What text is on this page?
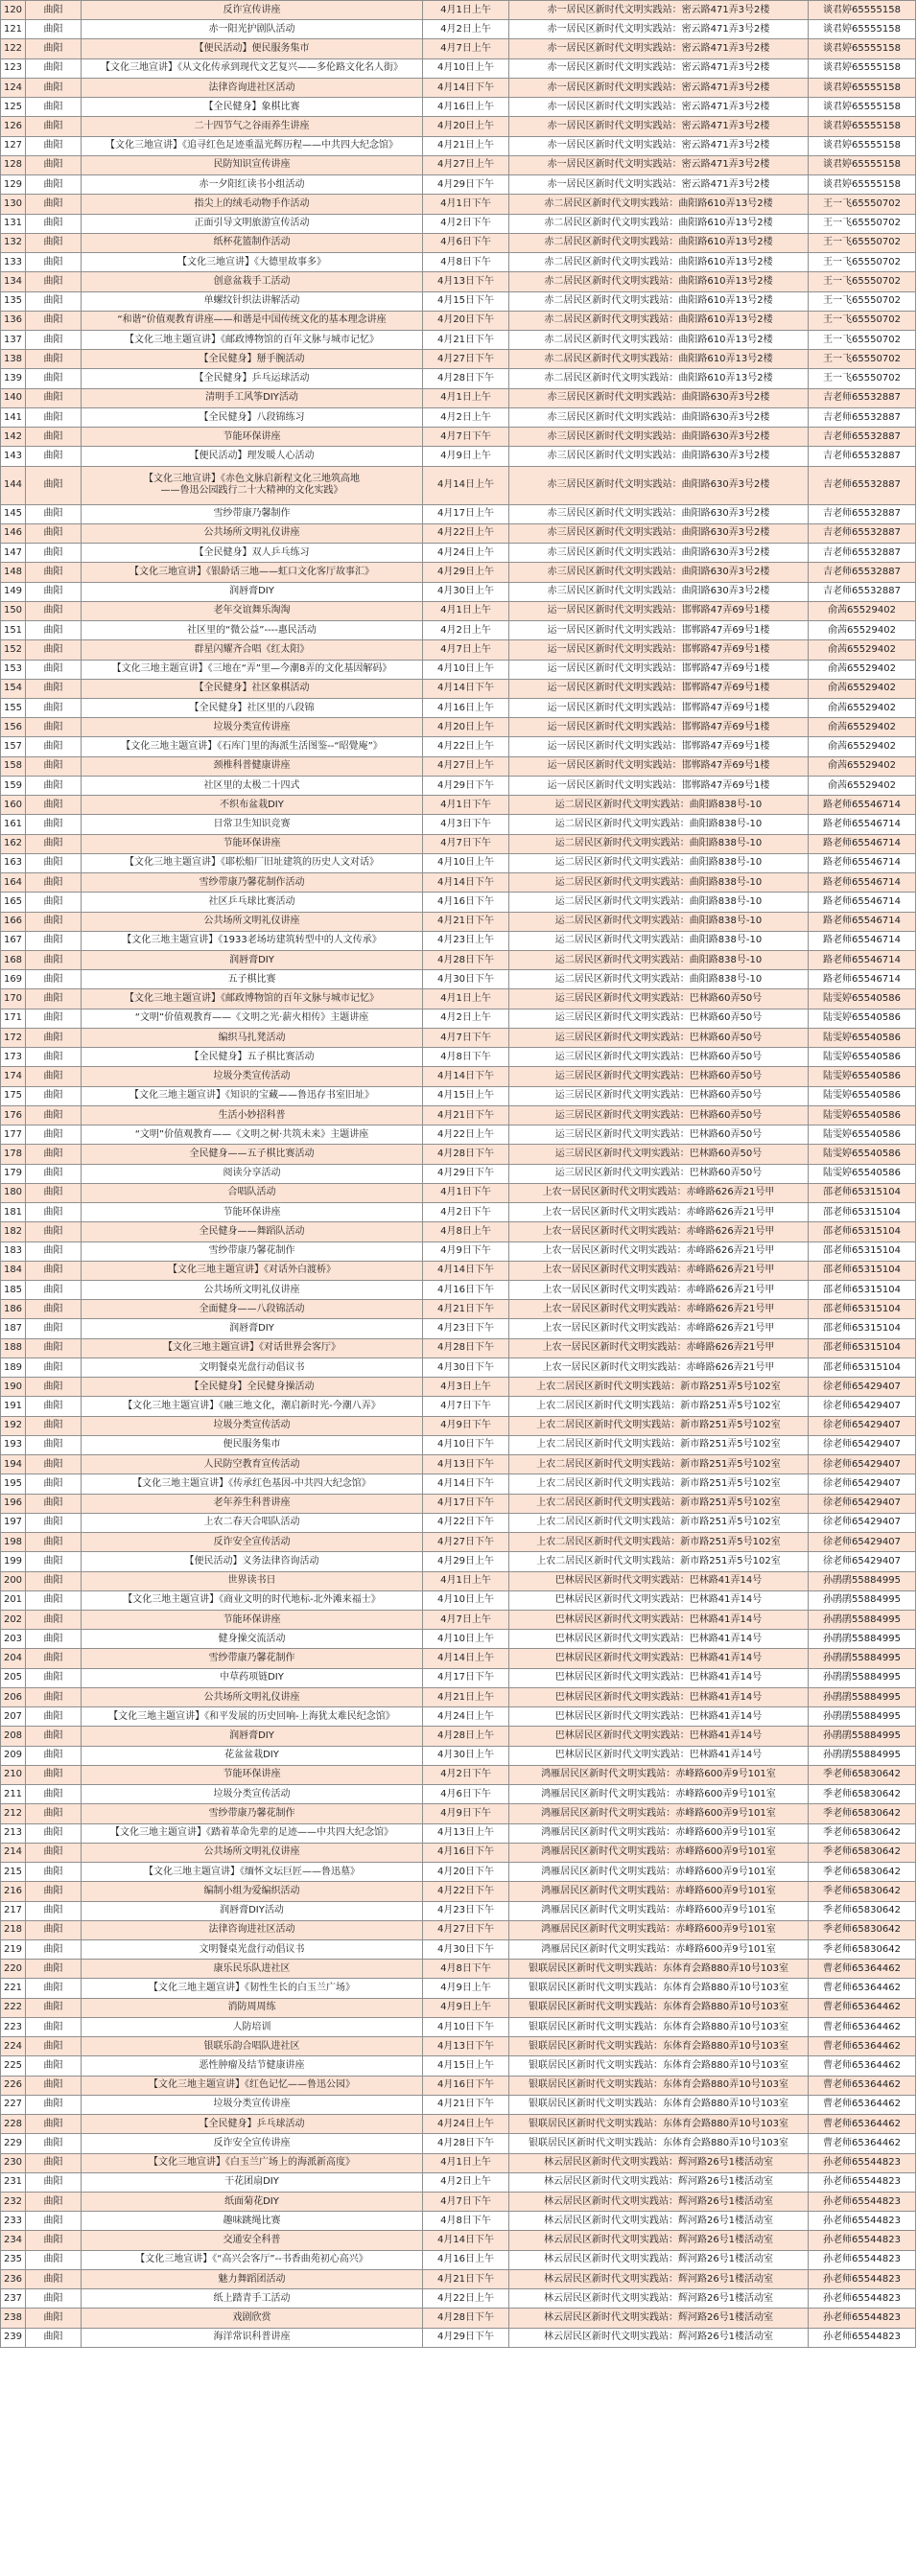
120	曲阳	反诈宣传讲座	4月1日上午	赤一居民区新时代文明实践站：密云路471弄3号2楼	谈君婷65555158
121	曲阳	赤一阳光护剧队活动	4月2日上午	赤一居民区新时代文明实践站：密云路471弄3号2楼	谈君婷65555158
122	曲阳	【便民活动】便民服务集市	4月7日上午	赤一居民区新时代文明实践站：密云路471弄3号2楼	谈君婷65555158
123	曲阳	【文化三地宣讲】《从文化传承到现代文艺复兴——多伦路文化名人街》	4月10日上午	赤一居民区新时代文明实践站：密云路471弄3号2楼	谈君婷65555158
124	曲阳	法律咨询进社区活动	4月14日下午	赤一居民区新时代文明实践站：密云路471弄3号2楼	谈君婷65555158
125	曲阳	【全民健身】象棋比赛	4月16日上午	赤一居民区新时代文明实践站：密云路471弄3号2楼	谈君婷65555158
126	曲阳	二十四节气之谷雨养生讲座	4月20日上午	赤一居民区新时代文明实践站：密云路471弄3号2楼	谈君婷65555158
127	曲阳	【文化三地宣讲】《追寻红色足迹重温光辉历程——中共四大纪念馆》	4月21日上午	赤一居民区新时代文明实践站：密云路471弄3号2楼	谈君婷65555158
128	曲阳	民防知识宣传讲座	4月27日上午	赤一居民区新时代文明实践站：密云路471弄3号2楼	谈君婷65555158
129	曲阳	赤一夕阳红读书小组活动	4月29日下午	赤一居民区新时代文明实践站：密云路471弄3号2楼	谈君婷65555158
130	曲阳	指尖上的绒毛动物手作活动	4月1日下午	赤二居民区新时代文明实践站：曲阳路610弄13号2楼	王一飞65550702
131	曲阳	正面引导文明旅游宣传活动	4月2日下午	赤二居民区新时代文明实践站：曲阳路610弄13号2楼	王一飞65550702
132	曲阳	纸杯花篮制作活动	4月6日下午	赤二居民区新时代文明实践站：曲阳路610弄13号2楼	王一飞65550702
133	曲阳	【文化三地宣讲】《大德里故事多》	4月8日下午	赤二居民区新时代文明实践站：曲阳路610弄13号2楼	王一飞65550702
134	曲阳	创意盆栽手工活动	4月13日下午	赤二居民区新时代文明实践站：曲阳路610弄13号2楼	王一飞65550702
135	曲阳	单螺纹针织法讲解活动	4月15日下午	赤二居民区新时代文明实践站：曲阳路610弄13号2楼	王一飞65550702
136	曲阳	“和谐”价值观教育讲座——和谐是中国传统文化的基本理念讲座	4月20日下午	赤二居民区新时代文明实践站：曲阳路610弄13号2楼	王一飞65550702
137	曲阳	【文化三地主题宣讲】《邮政博物馆的百年文脉与城市记忆》	4月21日下午	赤二居民区新时代文明实践站：曲阳路610弄13号2楼	王一飞65550702
138	曲阳	【全民健身】掰手腕活动	4月27日下午	赤二居民区新时代文明实践站：曲阳路610弄13号2楼	王一飞65550702
139	曲阳	【全民健身】乒乓运球活动	4月28日下午	赤二居民区新时代文明实践站：曲阳路610弄13号2楼	王一飞65550702
140	曲阳	清明手工风筝DIY活动	4月1日上午	赤三居民区新时代文明实践站：曲阳路630弄3号2楼	吉老师65532887
141	曲阳	【全民健身】八段锦练习	4月2日上午	赤三居民区新时代文明实践站：曲阳路630弄3号2楼	吉老师65532887
142	曲阳	节能环保讲座	4月7日下午	赤三居民区新时代文明实践站：曲阳路630弄3号2楼	吉老师65532887
143	曲阳	【便民活动】理发暖人心活动	4月9日上午	赤三居民区新时代文明实践站：曲阳路630弄3号2楼	吉老师65532887
144	曲阳	【文化三地宣讲】《赤色文脉启新程文化三地筑高地
——鲁迅公园践行二十大精神的文化实践》	4月14日上午	赤三居民区新时代文明实践站：曲阳路630弄3号2楼	吉老师65532887
145	曲阳	雪纱带康乃馨制作	4月17日上午	赤三居民区新时代文明实践站：曲阳路630弄3号2楼	吉老师65532887
146	曲阳	公共场所文明礼仪讲座	4月22日上午	赤三居民区新时代文明实践站：曲阳路630弄3号2楼	吉老师65532887
147	曲阳	【全民健身】双人乒乓练习	4月24日上午	赤三居民区新时代文明实践站：曲阳路630弄3号2楼	吉老师65532887
148	曲阳	【文化三地宣讲】《银龄话三地——虹口文化客厅故事汇》	4月29日上午	赤三居民区新时代文明实践站：曲阳路630弄3号2楼	吉老师65532887
149	曲阳	润唇膏DIY	4月30日上午	赤三居民区新时代文明实践站：曲阳路630弄3号2楼	吉老师65532887
150	曲阳	老年交谊舞乐淘淘	4月1日上午	运一居民区新时代文明实践站：邯郸路47弄69号1楼	俞茜65529402
151	曲阳	社区里的“微公益”----惠民活动	4月2日上午	运一居民区新时代文明实践站：邯郸路47弄69号1楼	俞茜65529402
152	曲阳	群星闪耀齐合唱《红太阳》	4月7日上午	运一居民区新时代文明实践站：邯郸路47弄69号1楼	俞茜65529402
153	曲阳	【文化三地主题宣讲】《三地在“弄”里—今潮8弄的文化基因解码》	4月10日上午	运一居民区新时代文明实践站：邯郸路47弄69号1楼	俞茜65529402
154	曲阳	【全民健身】社区象棋活动	4月14日下午	运一居民区新时代文明实践站：邯郸路47弄69号1楼	俞茜65529402
155	曲阳	【全民健身】社区里的八段锦	4月16日上午	运一居民区新时代文明实践站：邯郸路47弄69号1楼	俞茜65529402
156	曲阳	垃圾分类宣传讲座	4月20日上午	运一居民区新时代文明实践站：邯郸路47弄69号1楼	俞茜65529402
157	曲阳	【文化三地主题宣讲】《石库门里的海派生活图鉴--“昭覺庵”》	4月22日上午	运一居民区新时代文明实践站：邯郸路47弄69号1楼	俞茜65529402
158	曲阳	颈椎科普健康讲座	4月27日上午	运一居民区新时代文明实践站：邯郸路47弄69号1楼	俞茜65529402
159	曲阳	社区里的太极二十四式	4月29日下午	运一居民区新时代文明实践站：邯郸路47弄69号1楼	俞茜65529402
160	曲阳	不织布盆栽DIY	4月1日下午	运二居民区新时代文明实践站：曲阳路838号-10	路老师65546714
161	曲阳	日常卫生知识竞赛	4月3日下午	运二居民区新时代文明实践站：曲阳路838号-10	路老师65546714
162	曲阳	节能环保讲座	4月7日下午	运二居民区新时代文明实践站：曲阳路838号-10	路老师65546714
163	曲阳	【文化三地主题宣讲】《耶松船厂旧址建筑的历史人文对话》	4月10日上午	运二居民区新时代文明实践站：曲阳路838号-10	路老师65546714
164	曲阳	雪纱带康乃馨花制作活动	4月14日下午	运二居民区新时代文明实践站：曲阳路838号-10	路老师65546714
165	曲阳	社区乒乓球比赛活动	4月16日下午	运二居民区新时代文明实践站：曲阳路838号-10	路老师65546714
166	曲阳	公共场所文明礼仪讲座	4月21日下午	运二居民区新时代文明实践站：曲阳路838号-10	路老师65546714
167	曲阳	【文化三地主题宣讲】《1933老场坊建筑转型中的人文传承》	4月23日上午	运二居民区新时代文明实践站：曲阳路838号-10	路老师65546714
168	曲阳	润唇膏DIY	4月28日下午	运二居民区新时代文明实践站：曲阳路838号-10	路老师65546714
169	曲阳	五子棋比赛	4月30日下午	运二居民区新时代文明实践站：曲阳路838号-10	路老师65546714
170	曲阳	【文化三地主题宣讲】《邮政博物馆的百年文脉与城市记忆》	4月1日上午	运三居民区新时代文明实践站：巴林路60弄50号	陆雯婷65540586
171	曲阳	“文明”价值观教育——《文明之光·薪火相传》主题讲座	4月2日上午	运三居民区新时代文明实践站：巴林路60弄50号	陆雯婷65540586
172	曲阳	编织马扎凳活动	4月7日下午	运三居民区新时代文明实践站：巴林路60弄50号	陆雯婷65540586
173	曲阳	【全民健身】五子棋比赛活动	4月8日下午	运三居民区新时代文明实践站：巴林路60弄50号	陆雯婷65540586
174	曲阳	垃圾分类宣传活动	4月14日下午	运三居民区新时代文明实践站：巴林路60弄50号	陆雯婷65540586
175	曲阳	【文化三地主题宣讲】《知识的宝藏——鲁迅存书室旧址》	4月15日上午	运三居民区新时代文明实践站：巴林路60弄50号	陆雯婷65540586
176	曲阳	生活小妙招科普	4月21日下午	运三居民区新时代文明实践站：巴林路60弄50号	陆雯婷65540586
177	曲阳	“文明”价值观教育——《文明之树·共筑未来》主题讲座	4月22日上午	运三居民区新时代文明实践站：巴林路60弄50号	陆雯婷65540586
178	曲阳	全民健身——五子棋比赛活动	4月28日下午	运三居民区新时代文明实践站：巴林路60弄50号	陆雯婷65540586
179	曲阳	阅读分享活动	4月29日下午	运三居民区新时代文明实践站：巴林路60弄50号	陆雯婷65540586
180	曲阳	合唱队活动	4月1日下午	上农一居民区新时代文明实践站：赤峰路626弄21号甲	邵老师65315104
181	曲阳	节能环保讲座	4月2日下午	上农一居民区新时代文明实践站：赤峰路626弄21号甲	邵老师65315104
182	曲阳	全民健身——舞蹈队活动	4月8日上午	上农一居民区新时代文明实践站：赤峰路626弄21号甲	邵老师65315104
183	曲阳	雪纱带康乃馨花制作	4月9日下午	上农一居民区新时代文明实践站：赤峰路626弄21号甲	邵老师65315104
184	曲阳	【文化三地主题宣讲】《对话外白渡桥》	4月14日下午	上农一居民区新时代文明实践站：赤峰路626弄21号甲	邵老师65315104
185	曲阳	公共场所文明礼仪讲座	4月16日下午	上农一居民区新时代文明实践站：赤峰路626弄21号甲	邵老师65315104
186	曲阳	全面健身——八段锦活动	4月21日下午	上农一居民区新时代文明实践站：赤峰路626弄21号甲	邵老师65315104
187	曲阳	润唇膏DIY	4月23日下午	上农一居民区新时代文明实践站：赤峰路626弄21号甲	邵老师65315104
188	曲阳	【文化三地主题宣讲】《对话世界会客厅》	4月28日下午	上农一居民区新时代文明实践站：赤峰路626弄21号甲	邵老师65315104
189	曲阳	文明餐桌光盘行动倡议书	4月30日下午	上农一居民区新时代文明实践站：赤峰路626弄21号甲	邵老师65315104
190	曲阳	【全民健身】全民健身操活动	4月3日上午	上农二居民区新时代文明实践站：新市路251弄5号102室	徐老师65429407
191	曲阳	【文化三地主题宣讲】《融三地文化，潮启新时光-今潮八弄》	4月7日下午	上农二居民区新时代文明实践站：新市路251弄5号102室	徐老师65429407
192	曲阳	垃圾分类宣传活动	4月9日下午	上农二居民区新时代文明实践站：新市路251弄5号102室	徐老师65429407
193	曲阳	便民服务集市	4月10日下午	上农二居民区新时代文明实践站：新市路251弄5号102室	徐老师65429407
194	曲阳	人民防空教育宣传活动	4月13日下午	上农二居民区新时代文明实践站：新市路251弄5号102室	徐老师65429407
195	曲阳	【文化三地主题宣讲】《传承红色基因-中共四大纪念馆》	4月14日下午	上农二居民区新时代文明实践站：新市路251弄5号102室	徐老师65429407
196	曲阳	老年养生科普讲座	4月17日下午	上农二居民区新时代文明实践站：新市路251弄5号102室	徐老师65429407
197	曲阳	上农二春天合唱队活动	4月22日下午	上农二居民区新时代文明实践站：新市路251弄5号102室	徐老师65429407
198	曲阳	反诈安全宣传活动	4月27日下午	上农二居民区新时代文明实践站：新市路251弄5号102室	徐老师65429407
199	曲阳	【便民活动】义务法律咨询活动	4月29日上午	上农二居民区新时代文明实践站：新市路251弄5号102室	徐老师65429407
200	曲阳	世界读书日	4月1日上午	巴林居民区新时代文明实践站：巴林路41弄14号	孙鹃鹃55884995
201	曲阳	【文化三地主题宣讲】《商业文明的时代地标-北外滩来福士》	4月10日上午	巴林居民区新时代文明实践站：巴林路41弄14号	孙鹃鹃55884995
202	曲阳	节能环保讲座	4月7日上午	巴林居民区新时代文明实践站：巴林路41弄14号	孙鹃鹃55884995
203	曲阳	健身操交流活动	4月10日上午	巴林居民区新时代文明实践站：巴林路41弄14号	孙鹃鹃55884995
204	曲阳	雪纱带康乃馨花制作	4月14日上午	巴林居民区新时代文明实践站：巴林路41弄14号	孙鹃鹃55884995
205	曲阳	中草药项链DIY	4月17日下午	巴林居民区新时代文明实践站：巴林路41弄14号	孙鹃鹃55884995
206	曲阳	公共场所文明礼仪讲座	4月21日上午	巴林居民区新时代文明实践站：巴林路41弄14号	孙鹃鹃55884995
207	曲阳	【文化三地主题宣讲】《和平发展的历史回响-上海犹太难民纪念馆》	4月24日上午	巴林居民区新时代文明实践站：巴林路41弄14号	孙鹃鹃55884995
208	曲阳	润唇膏DIY	4月28日上午	巴林居民区新时代文明实践站：巴林路41弄14号	孙鹃鹃55884995
209	曲阳	花盆盆栽DIY	4月30日上午	巴林居民区新时代文明实践站：巴林路41弄14号	孙鹃鹃55884995
210	曲阳	节能环保讲座	4月2日下午	鸿雁居民区新时代文明实践站：赤峰路600弄9号101室	季老师65830642
211	曲阳	垃圾分类宣传活动	4月6日下午	鸿雁居民区新时代文明实践站：赤峰路600弄9号101室	季老师65830642
212	曲阳	雪纱带康乃馨花制作	4月9日下午	鸿雁居民区新时代文明实践站：赤峰路600弄9号101室	季老师65830642
213	曲阳	【文化三地主题宣讲】《踏着革命先辈的足迹——中共四大纪念馆》	4月13日上午	鸿雁居民区新时代文明实践站：赤峰路600弄9号101室	季老师65830642
214	曲阳	公共场所文明礼仪讲座	4月16日下午	鸿雁居民区新时代文明实践站：赤峰路600弄9号101室	季老师65830642
215	曲阳	【文化三地主题宣讲】《缅怀文坛巨匠——鲁迅墓》	4月20日下午	鸿雁居民区新时代文明实践站：赤峰路600弄9号101室	季老师65830642
216	曲阳	编制小组为爱编织活动	4月22日下午	鸿雁居民区新时代文明实践站：赤峰路600弄9号101室	季老师65830642
217	曲阳	润唇膏DIY活动	4月23日下午	鸿雁居民区新时代文明实践站：赤峰路600弄9号101室	季老师65830642
218	曲阳	法律咨询进社区活动	4月27日下午	鸿雁居民区新时代文明实践站：赤峰路600弄9号101室	季老师65830642
219	曲阳	文明餐桌光盘行动倡议书	4月30日下午	鸿雁居民区新时代文明实践站：赤峰路600弄9号101室	季老师65830642
220	曲阳	康乐民乐队进社区	4月8日下午	银联居民区新时代文明实践站：东体育会路880弄10号103室	曹老师65364462
221	曲阳	【文化三地主题宣讲】《韧性生长的白玉兰广场》	4月9日上午	银联居民区新时代文明实践站：东体育会路880弄10号103室	曹老师65364462
222	曲阳	消防周周练	4月9日上午	银联居民区新时代文明实践站：东体育会路880弄10号103室	曹老师65364462
223	曲阳	人防培训	4月10日下午	银联居民区新时代文明实践站：东体育会路880弄10号103室	曹老师65364462
224	曲阳	银联乐韵合唱队进社区	4月13日下午	银联居民区新时代文明实践站：东体育会路880弄10号103室	曹老师65364462
225	曲阳	恶性肿瘤及结节健康讲座	4月15日上午	银联居民区新时代文明实践站：东体育会路880弄10号103室	曹老师65364462
226	曲阳	【文化三地主题宣讲】《红色记忆——鲁迅公园》	4月16日下午	银联居民区新时代文明实践站：东体育会路880弄10号103室	曹老师65364462
227	曲阳	垃圾分类宣传讲座	4月21日下午	银联居民区新时代文明实践站：东体育会路880弄10号103室	曹老师65364462
228	曲阳	【全民健身】乒乓球活动	4月24日上午	银联居民区新时代文明实践站：东体育会路880弄10号103室	曹老师65364462
229	曲阳	反诈安全宣传讲座	4月28日下午	银联居民区新时代文明实践站：东体育会路880弄10号103室	曹老师65364462
230	曲阳	【文化三地宣讲】《白玉兰广场上的海派新高度》	4月1日上午	林云居民区新时代文明实践站：辉河路26号1楼活动室	孙老师65544823
231	曲阳	干花团扇DIY	4月2日上午	林云居民区新时代文明实践站：辉河路26号1楼活动室	孙老师65544823
232	曲阳	纸面菊花DIY	4月7日下午	林云居民区新时代文明实践站：辉河路26号1楼活动室	孙老师65544823
233	曲阳	趣味跳绳比赛	4月8日下午	林云居民区新时代文明实践站：辉河路26号1楼活动室	孙老师65544823
234	曲阳	交通安全科普	4月14日下午	林云居民区新时代文明实践站：辉河路26号1楼活动室	孙老师65544823
235	曲阳	【文化三地宣讲】《“高兴会客厅”--书香曲苑初心高兴》	4月16日上午	林云居民区新时代文明实践站：辉河路26号1楼活动室	孙老师65544823
236	曲阳	魅力舞蹈团活动	4月21日下午	林云居民区新时代文明实践站：辉河路26号1楼活动室	孙老师65544823
237	曲阳	纸上踏青手工活动	4月22日上午	林云居民区新时代文明实践站：辉河路26号1楼活动室	孙老师65544823
238	曲阳	戏剧欣赏	4月28日下午	林云居民区新时代文明实践站：辉河路26号1楼活动室	孙老师65544823
239	曲阳	海洋常识科普讲座	4月29日下午	林云居民区新时代文明实践站：辉河路26号1楼活动室	孙老师65544823
